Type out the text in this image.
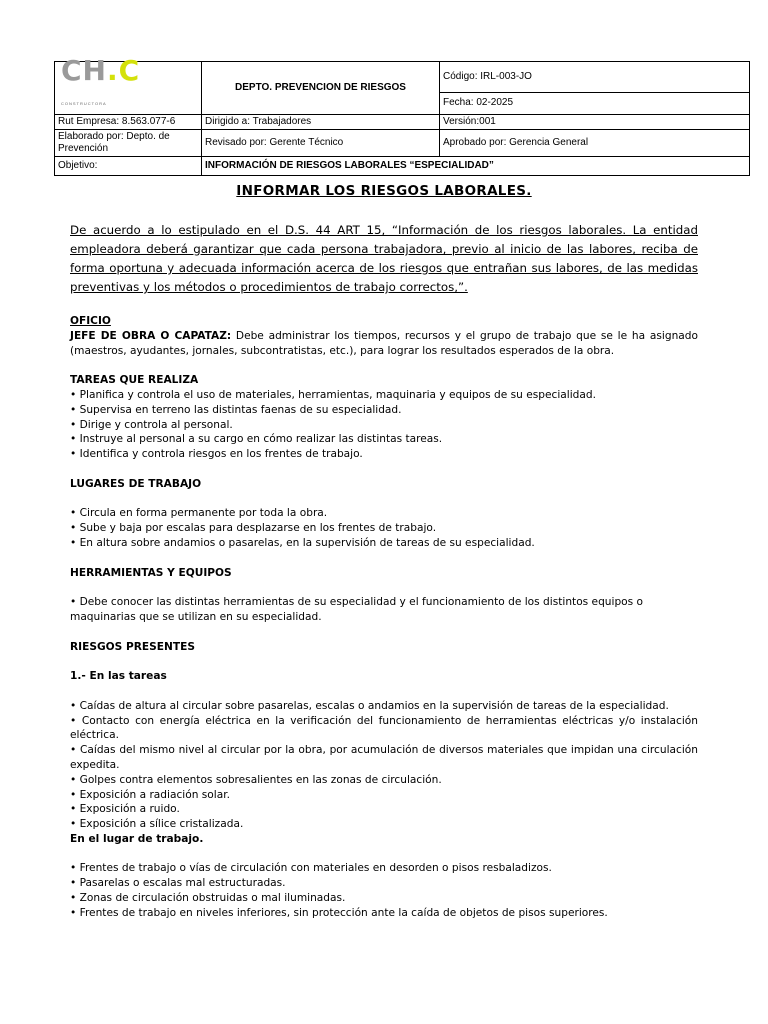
CH.C
CONSTRUCTORA	DEPTO. PREVENCION DE RIESGOS	Código: IRL-003-JO
		Fecha: 02-2025
Rut Empresa: 8.563.077-6	Dirigido a: Trabajadores	Versión:001
Elaborado por: Depto. de Prevención	Revisado por: Gerente Técnico	Aprobado por: Gerencia General
Objetivo:	INFORMACIÓN DE RIESGOS LABORALES “ESPECIALIDAD”	
INFORMAR LOS RIESGOS LABORALES.
De acuerdo a lo estipulado en el D.S. 44 ART 15, “Información de los riesgos laborales. La entidad empleadora deberá garantizar que cada persona trabajadora, previo al inicio de las labores, reciba de forma oportuna y adecuada información acerca de los riesgos que entrañan sus labores, de las medidas preventivas y los métodos o procedimientos de trabajo correctos,”.

OFICIO

JEFE DE OBRA O CAPATAZ: Debe administrar los tiempos, recursos y el grupo de trabajo que se le ha asignado (maestros, ayudantes, jornales, subcontratistas, etc.), para lograr los resultados esperados de la obra.

TAREAS QUE REALIZA

• Planifica y controla el uso de materiales, herramientas, maquinaria y equipos de su especialidad.

• Supervisa en terreno las distintas faenas de su especialidad.

• Dirige y controla al personal.

• Instruye al personal a su cargo en cómo realizar las distintas tareas.

• Identifica y controla riesgos en los frentes de trabajo.

LUGARES DE TRABAJO

• Circula en forma permanente por toda la obra.

• Sube y baja por escalas para desplazarse en los frentes de trabajo.

• En altura sobre andamios o pasarelas, en la supervisión de tareas de su especialidad.

HERRAMIENTAS Y EQUIPOS

• Debe conocer las distintas herramientas de su especialidad y el funcionamiento de los distintos equipos o maquinarias que se utilizan en su especialidad.

RIESGOS PRESENTES

1.- En las tareas

• Caídas de altura al circular sobre pasarelas, escalas o andamios en la supervisión de tareas de la especialidad.

• Contacto con energía eléctrica en la verificación del funcionamiento de herramientas eléctricas y/o instalación eléctrica.

• Caídas del mismo nivel al circular por la obra, por acumulación de diversos materiales que impidan una circulación expedita.

• Golpes contra elementos sobresalientes en las zonas de circulación.

• Exposición a radiación solar.

• Exposición a ruido.

• Exposición a sílice cristalizada.

En el lugar de trabajo.

• Frentes de trabajo o vías de circulación con materiales en desorden o pisos resbaladizos.

• Pasarelas o escalas mal estructuradas.

• Zonas de circulación obstruidas o mal iluminadas.

• Frentes de trabajo en niveles inferiores, sin protección ante la caída de objetos de pisos superiores.
